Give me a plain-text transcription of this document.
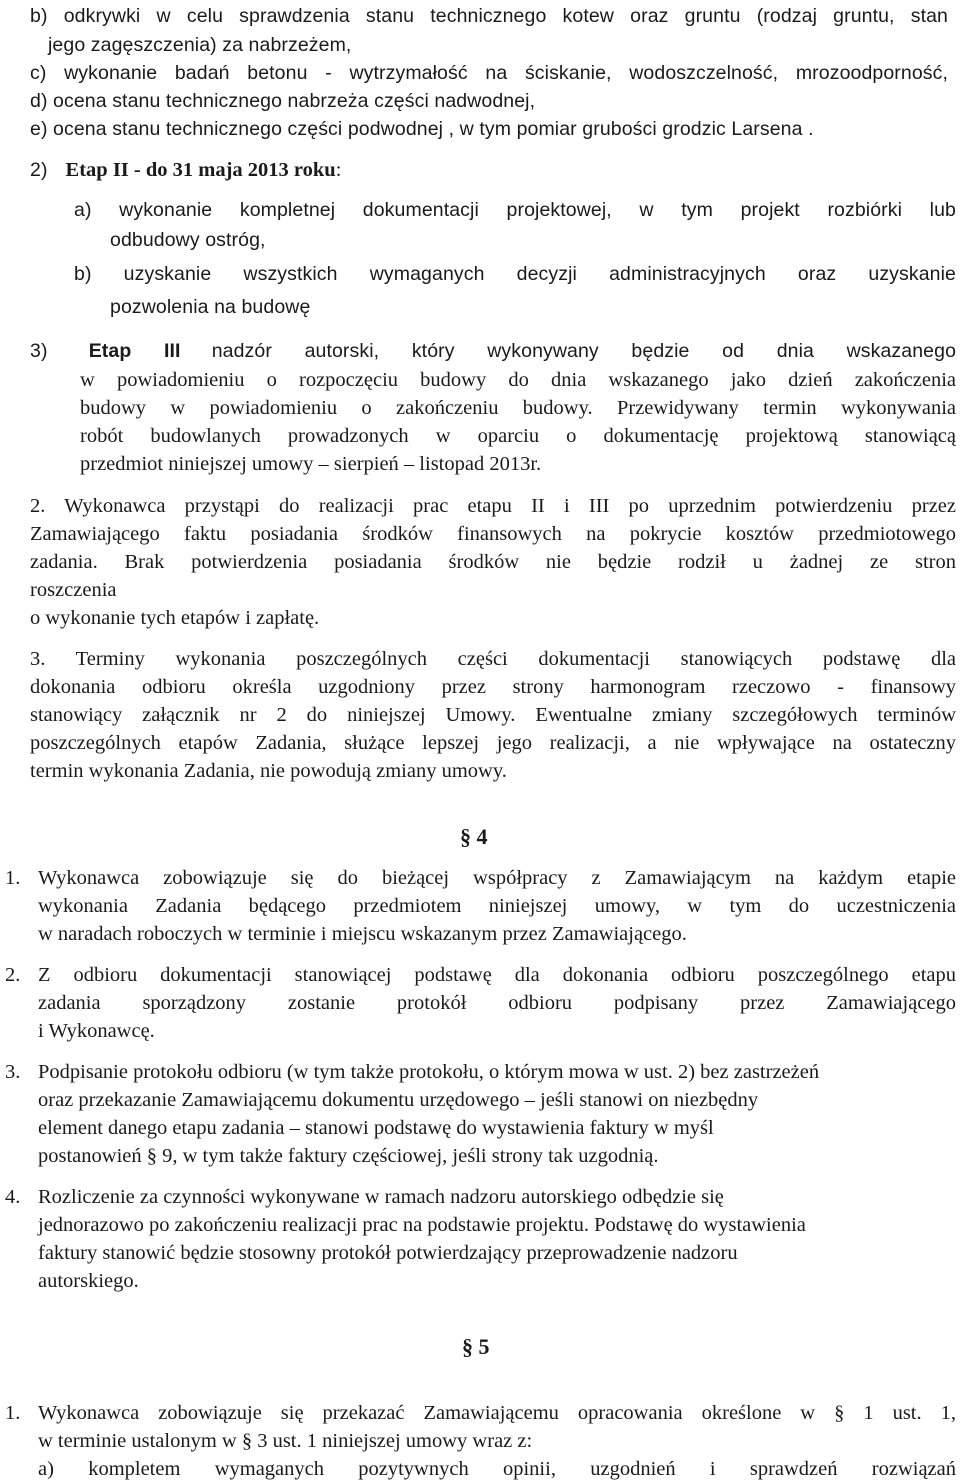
b) odkrywki w celu sprawdzenia stanu technicznego kotew oraz gruntu (rodzaj gruntu, stan
jego zagęszczenia) za nabrzeżem,
c) wykonanie badań betonu - wytrzymałość na ściskanie, wodoszczelność, mrozoodporność,
d) ocena stanu technicznego nabrzeża części nadwodnej,
e) ocena stanu technicznego części podwodnej , w tym pomiar grubości grodzic Larsena .
2) Etap II - do 31 maja 2013 roku:
a) wykonanie kompletnej dokumentacji projektowej, w tym projekt rozbiórki lub
odbudowy ostróg,
b) uzyskanie wszystkich wymaganych decyzji administracyjnych oraz uzyskanie
pozwolenia na budowę
3) Etap III nadzór autorski, który wykonywany będzie od dnia wskazanego
w powiadomieniu o rozpoczęciu budowy do dnia wskazanego jako dzień zakończenia
budowy w powiadomieniu o zakończeniu budowy. Przewidywany termin wykonywania
robót budowlanych prowadzonych w oparciu o dokumentację projektową stanowiącą
przedmiot niniejszej umowy – sierpień – listopad 2013r.
2. Wykonawca przystąpi do realizacji prac etapu II i III po uprzednim potwierdzeniu przez
Zamawiającego faktu posiadania środków finansowych na pokrycie kosztów przedmiotowego
zadania. Brak potwierdzenia posiadania środków nie będzie rodził u żadnej ze stron
roszczenia
o wykonanie tych etapów i zapłatę.
3. Terminy wykonania poszczególnych części dokumentacji stanowiących podstawę dla
dokonania odbioru określa uzgodniony przez strony harmonogram rzeczowo - finansowy
stanowiący załącznik nr 2 do niniejszej Umowy. Ewentualne zmiany szczegółowych terminów
poszczególnych etapów Zadania, służące lepszej jego realizacji, a nie wpływające na ostateczny
termin wykonania Zadania, nie powodują zmiany umowy.
§ 4
1. Wykonawca zobowiązuje się do bieżącej współpracy z Zamawiającym na każdym etapie
wykonania Zadania będącego przedmiotem niniejszej umowy, w tym do uczestniczenia
w naradach roboczych w terminie i miejscu wskazanym przez Zamawiającego.
2. Z odbioru dokumentacji stanowiącej podstawę dla dokonania odbioru poszczególnego etapu
zadania sporządzony zostanie protokół odbioru podpisany przez Zamawiającego
i Wykonawcę.
3. Podpisanie protokołu odbioru (w tym także protokołu, o którym mowa w ust. 2) bez zastrzeżeń
oraz przekazanie Zamawiającemu dokumentu urzędowego – jeśli stanowi on niezbędny
element danego etapu zadania – stanowi podstawę do wystawienia faktury w myśl
postanowień § 9, w tym także faktury częściowej, jeśli strony tak uzgodnią.
4. Rozliczenie za czynności wykonywane w ramach nadzoru autorskiego odbędzie się
jednorazowo po zakończeniu realizacji prac na podstawie projektu. Podstawę do wystawienia
faktury stanowić będzie stosowny protokół potwierdzający przeprowadzenie nadzoru
autorskiego.
§ 5
1. Wykonawca zobowiązuje się przekazać Zamawiającemu opracowania określone w § 1 ust. 1,
w terminie ustalonym w § 3 ust. 1 niniejszej umowy wraz z:
a) kompletem wymaganych pozytywnych opinii, uzgodnień i sprawdzeń rozwiązań
